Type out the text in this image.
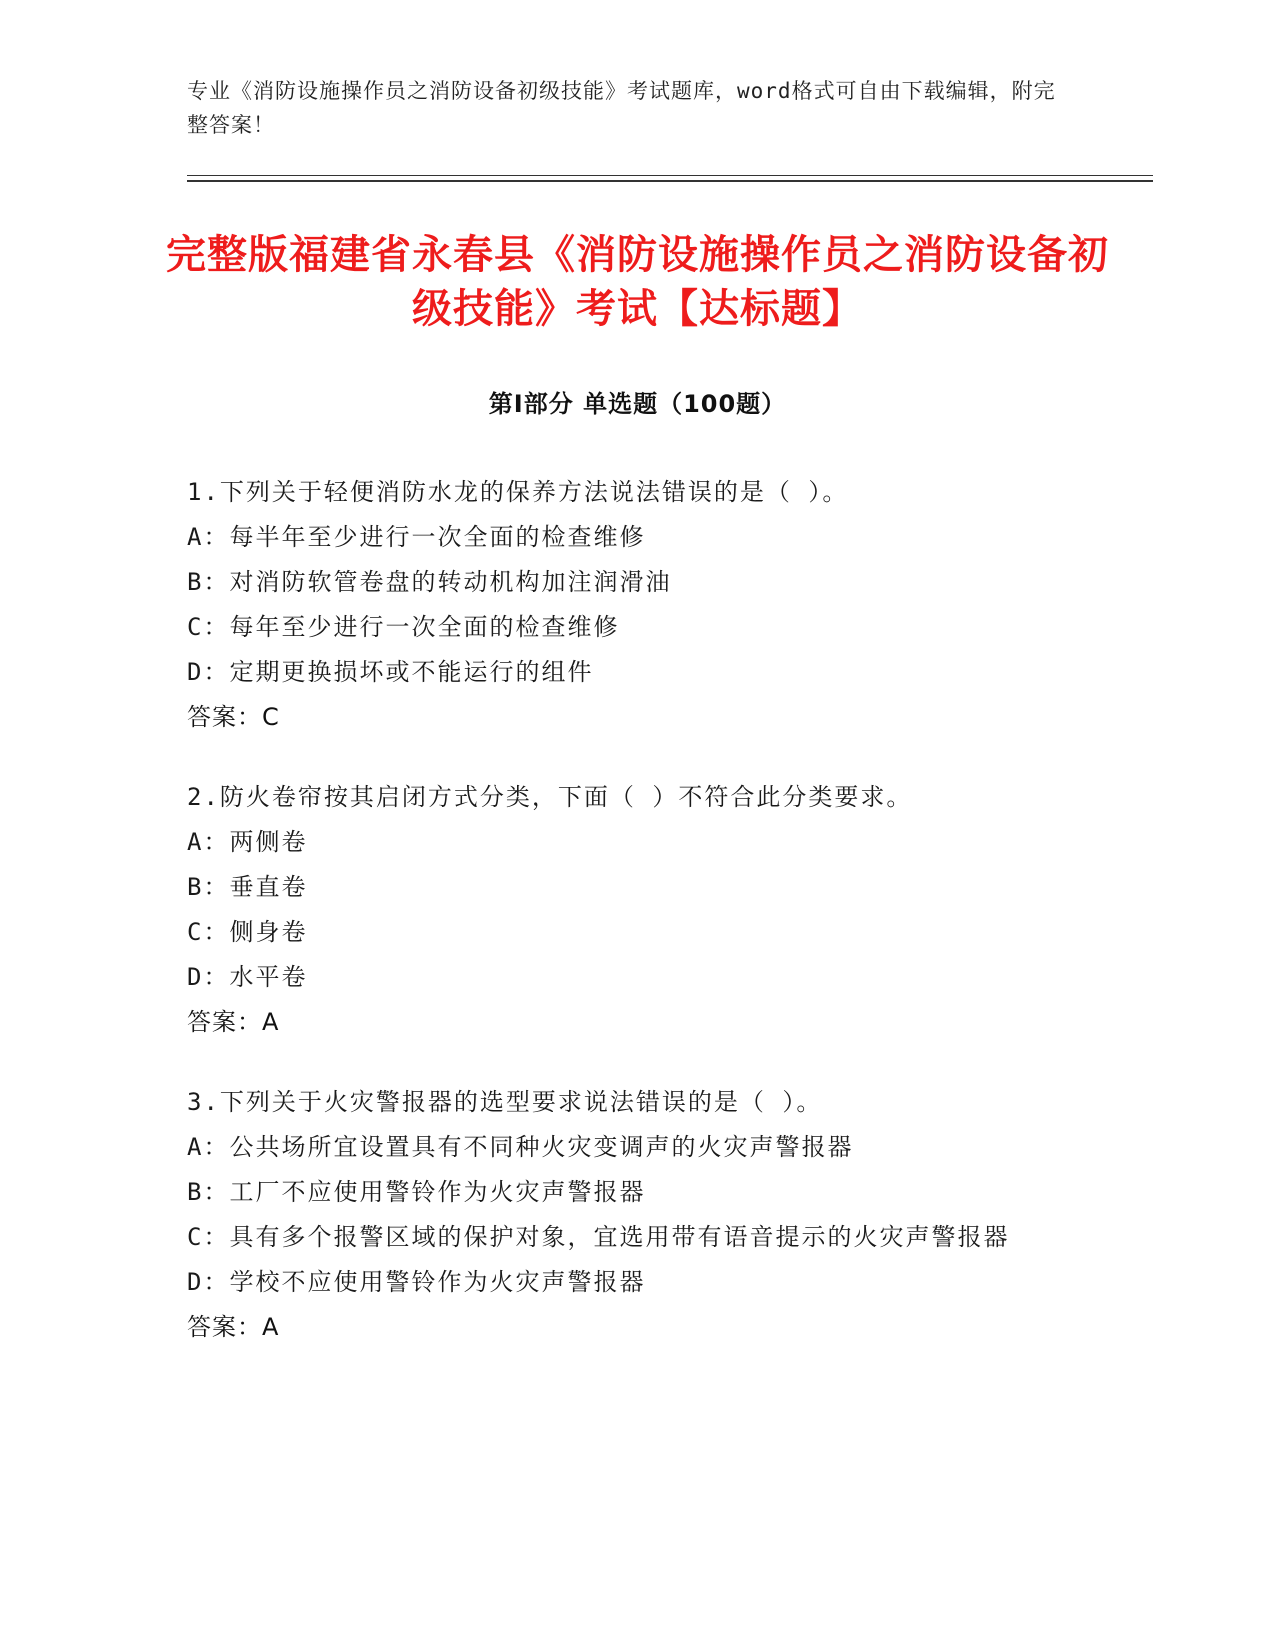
专业《消防设施操作员之消防设备初级技能》考试题库，word格式可自由下载编辑，附完整答案！
完整版福建省永春县《消防设施操作员之消防设备初级技能》考试【达标题】
第Ⅰ部分 单选题（100题）
1.下列关于轻便消防水龙的保养方法说法错误的是（ ）。
A：每半年至少进行一次全面的检查维修
B：对消防软管卷盘的转动机构加注润滑油
C：每年至少进行一次全面的检查维修
D：定期更换损坏或不能运行的组件
答案：C
2.防火卷帘按其启闭方式分类，下面（ ）不符合此分类要求。
A：两侧卷
B：垂直卷
C：侧身卷
D：水平卷
答案：A
3.下列关于火灾警报器的选型要求说法错误的是（ ）。
A：公共场所宜设置具有不同种火灾变调声的火灾声警报器
B：工厂不应使用警铃作为火灾声警报器
C：具有多个报警区域的保护对象，宜选用带有语音提示的火灾声警报器
D：学校不应使用警铃作为火灾声警报器
答案：A
